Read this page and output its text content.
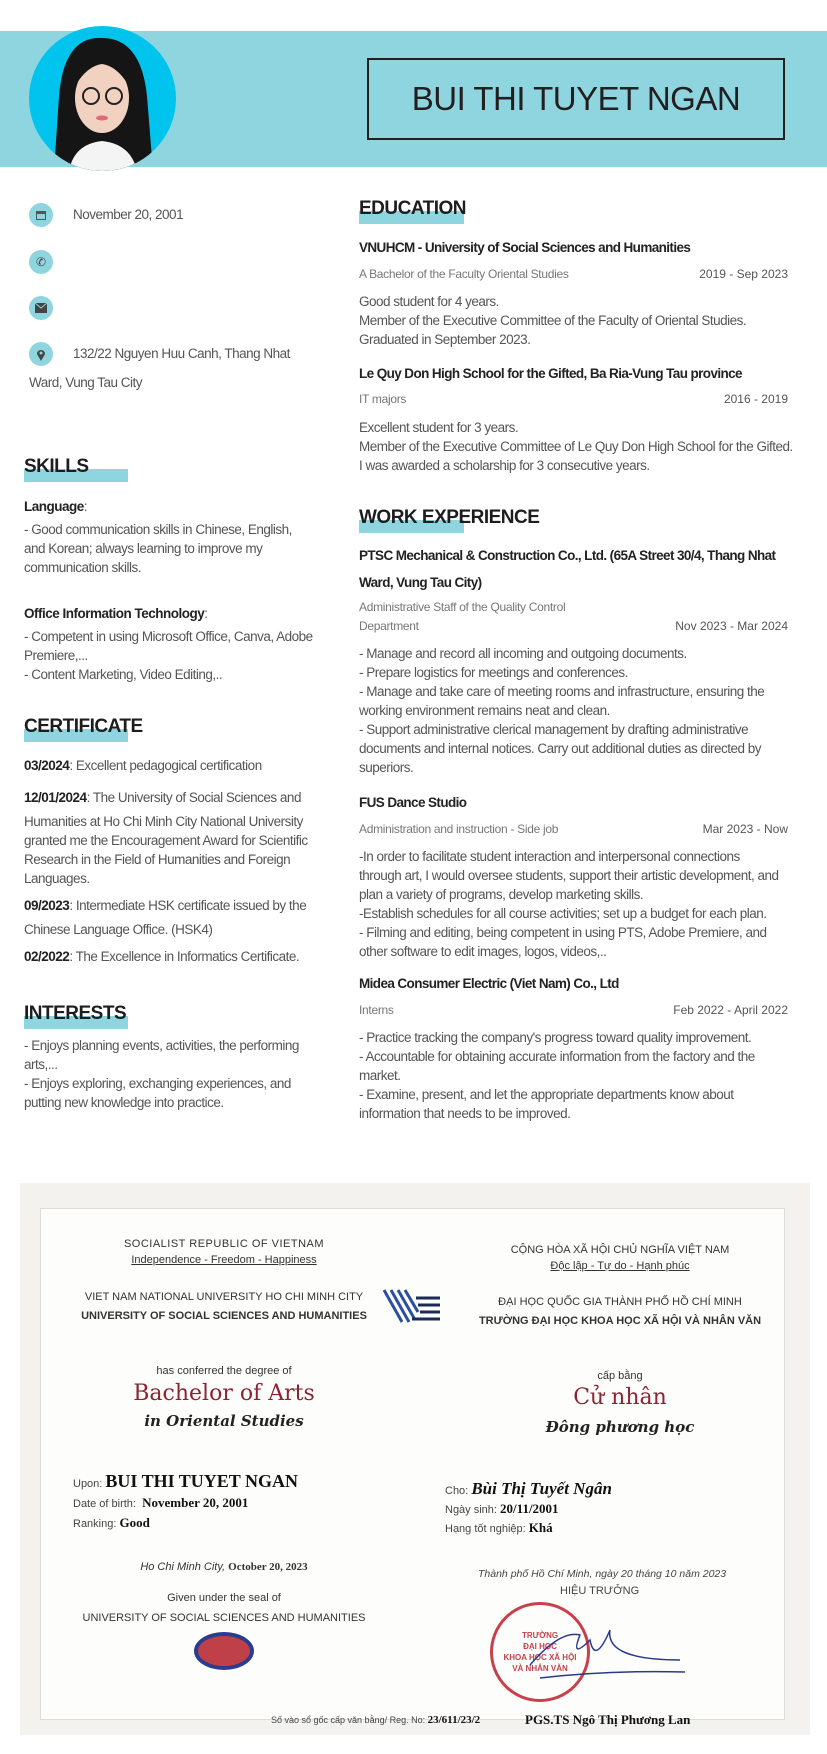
BUI THI TUYET NGAN
November 20, 2001
✆
132/22 Nguyen Huu Canh, Thang Nhat
Ward, Vung Tau City
SKILLS
Language:
- Good communication skills in Chinese, English,
and Korean; always learning to improve my
communication skills.
Office Information Technology:
- Competent in using Microsoft Office, Canva, Adobe
Premiere,...
- Content Marketing, Video Editing,..
CERTIFICATE
03/2024: Excellent pedagogical certification
12/01/2024: The University of Social Sciences and
Humanities at Ho Chi Minh City National University
granted me the Encouragement Award for Scientific
Research in the Field of Humanities and Foreign
Languages.
09/2023: Intermediate HSK certificate issued by the
Chinese Language Office. (HSK4)
02/2022: The Excellence in Informatics Certificate.
INTERESTS
- Enjoys planning events, activities, the performing
arts,...
- Enjoys exploring, exchanging experiences, and
putting new knowledge into practice.
EDUCATION
VNUHCM - University of Social Sciences and Humanities
A Bachelor of the Faculty Oriental Studies	2019 - Sep 2023
Good student for 4 years.
Member of the Executive Committee of the Faculty of Oriental Studies.
Graduated in September 2023.
Le Quy Don High School for the Gifted, Ba Ria-Vung Tau province
IT majors	2016 - 2019
Excellent student for 3 years.
Member of the Executive Committee of Le Quy Don High School for the Gifted.
I was awarded a scholarship for 3 consecutive years.
WORK EXPERIENCE
PTSC Mechanical & Construction Co., Ltd. (65A Street 30/4, Thang Nhat
Ward, Vung Tau City)
Administrative Staff of the Quality Control
Department	Nov 2023 - Mar 2024
- Manage and record all incoming and outgoing documents.
- Prepare logistics for meetings and conferences.
- Manage and take care of meeting rooms and infrastructure, ensuring the
working environment remains neat and clean.
- Support administrative clerical management by drafting administrative
documents and internal notices. Carry out additional duties as directed by
superiors.
FUS Dance Studio
Administration and instruction - Side job	Mar 2023 - Now
-In order to facilitate student interaction and interpersonal connections
through art, I would oversee students, support their artistic development, and
plan a variety of programs, develop marketing skills.
-Establish schedules for all course activities; set up a budget for each plan.
- Filming and editing, being competent in using PTS, Adobe Premiere, and
other software to edit images, logos, videos,..
Midea Consumer Electric (Viet Nam) Co., Ltd
Interns	Feb 2022 - April 2022
- Practice tracking the company's progress toward quality improvement.
- Accountable for obtaining accurate information from the factory and the
market.
- Examine, present, and let the appropriate departments know about
information that needs to be improved.
SOCIALIST REPUBLIC OF VIETNAM
Independence - Freedom - Happiness
VIET NAM NATIONAL UNIVERSITY HO CHI MINH CITY
UNIVERSITY OF SOCIAL SCIENCES AND HUMANITIES
has conferred the degree of
Bachelor of Arts
in Oriental Studies
Upon: BUI THI TUYET NGAN
Date of birth: November 20, 2001
Ranking: Good
Ho Chi Minh City, October 20, 2023
Given under the seal of
UNIVERSITY OF SOCIAL SCIENCES AND HUMANITIES
Số vào sổ gốc cấp văn bằng/ Reg. No: 23/611/23/2
CỘNG HÒA XÃ HỘI CHỦ NGHĨA VIỆT NAM
Độc lập - Tự do - Hạnh phúc
ĐẠI HỌC QUỐC GIA THÀNH PHỐ HỒ CHÍ MINH
TRƯỜNG ĐẠI HỌC KHOA HỌC XÃ HỘI VÀ NHÂN VĂN
cấp bằng
Cử nhân
Đông phương học
Cho: Bùi Thị Tuyết Ngân
Ngày sinh: 20/11/2001
Hạng tốt nghiệp: Khá
Thành phố Hồ Chí Minh, ngày 20 tháng 10 năm 2023
HIỆU TRƯỞNG
TRƯỜNG
ĐẠI HỌC
KHOA HỌC XÃ HỘI
VÀ NHÂN VĂN
PGS.TS Ngô Thị Phương Lan
